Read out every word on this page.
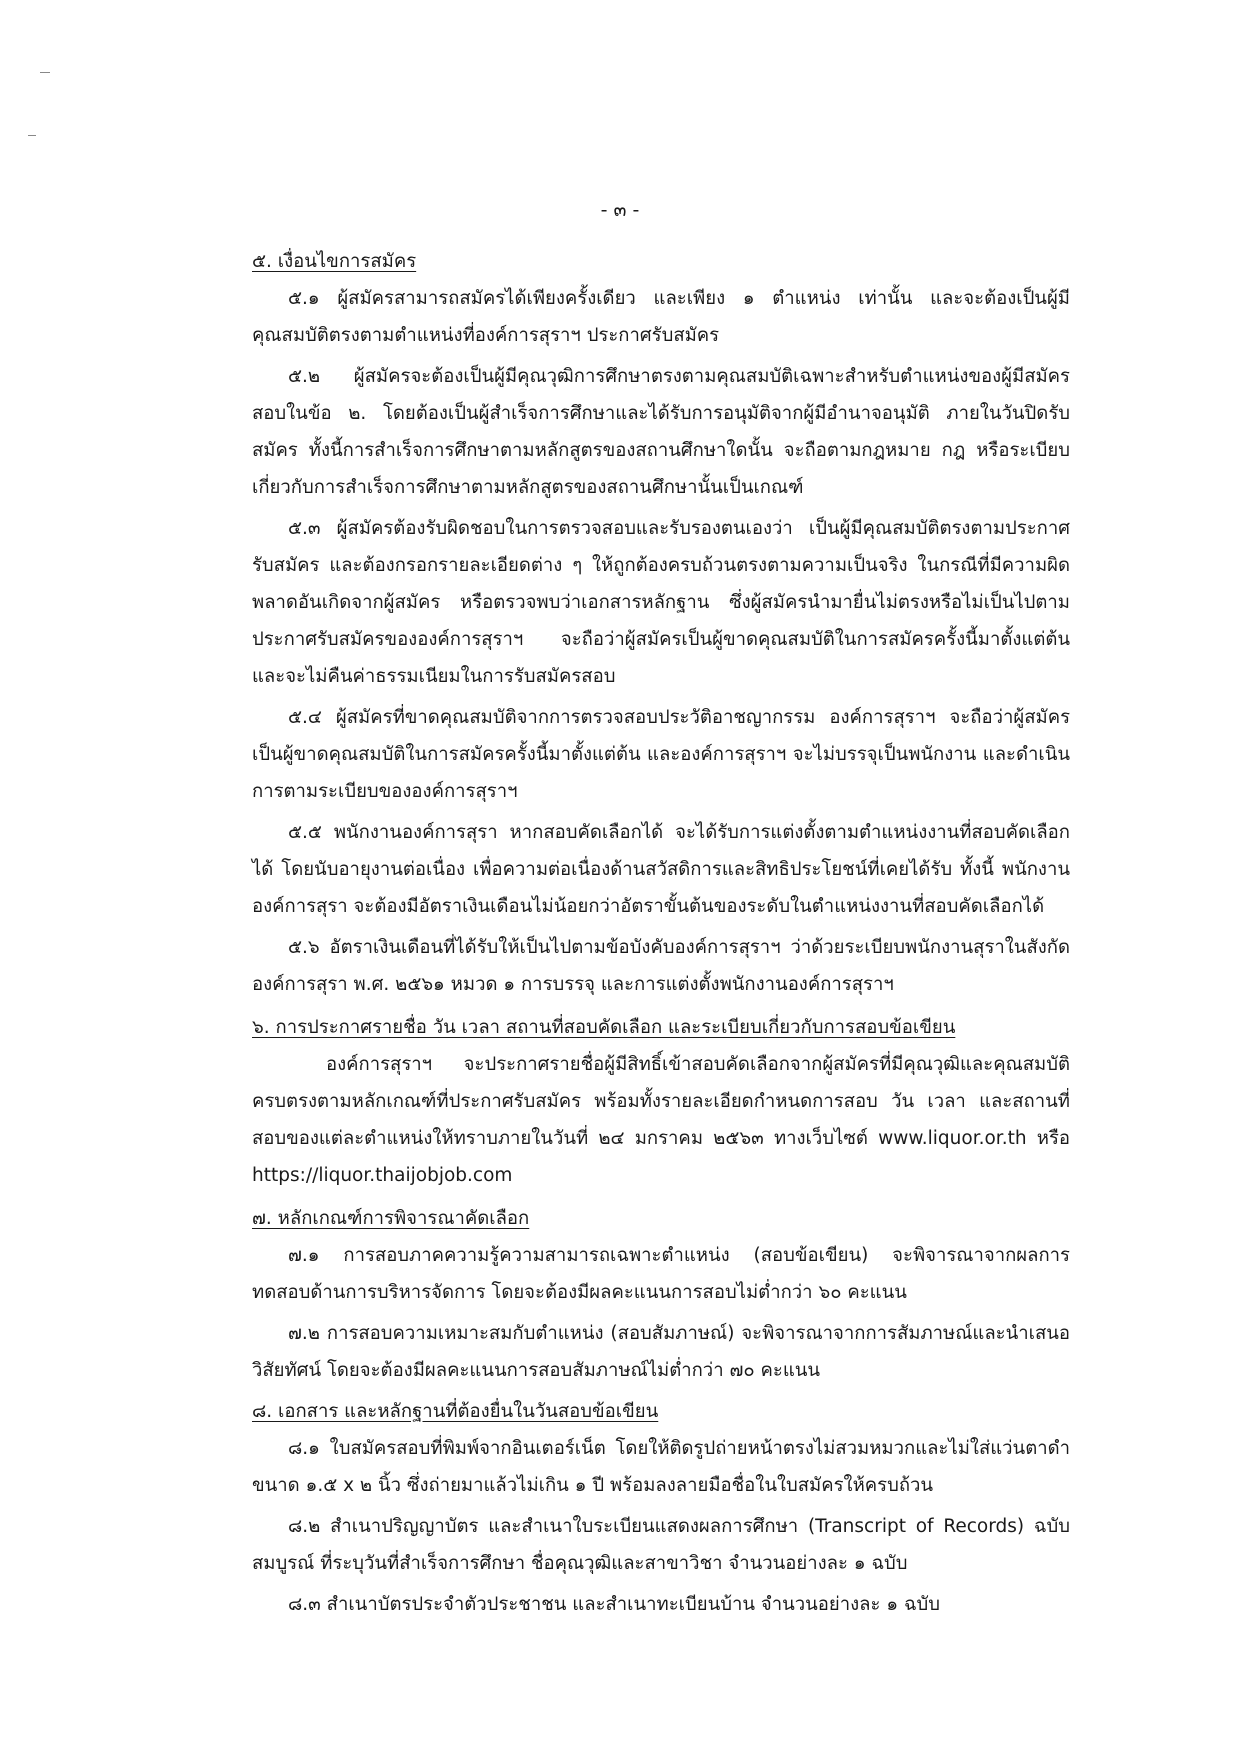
- ๓ -

๕. เงื่อนไขการสมัคร

๕.๑ ผู้สมัครสามารถสมัครได้เพียงครั้งเดียว และเพียง ๑ ตำแหน่ง เท่านั้น และจะต้องเป็นผู้มีคุณสมบัติตรงตามตำแหน่งที่องค์การสุราฯ ประกาศรับสมัคร

๕.๒ ผู้สมัครจะต้องเป็นผู้มีคุณวุฒิการศึกษาตรงตามคุณสมบัติเฉพาะสำหรับตำแหน่งของผู้มีสมัครสอบในข้อ ๒. โดยต้องเป็นผู้สำเร็จการศึกษาและได้รับการอนุมัติจากผู้มีอำนาจอนุมัติ ภายในวันปิดรับสมัคร ทั้งนี้การสำเร็จการศึกษาตามหลักสูตรของสถานศึกษาใดนั้น จะถือตามกฎหมาย กฎ หรือระเบียบเกี่ยวกับการสำเร็จการศึกษาตามหลักสูตรของสถานศึกษานั้นเป็นเกณฑ์

๕.๓ ผู้สมัครต้องรับผิดชอบในการตรวจสอบและรับรองตนเองว่า เป็นผู้มีคุณสมบัติตรงตามประกาศรับสมัคร และต้องกรอกรายละเอียดต่าง ๆ ให้ถูกต้องครบถ้วนตรงตามความเป็นจริง ในกรณีที่มีความผิดพลาดอันเกิดจากผู้สมัคร หรือตรวจพบว่าเอกสารหลักฐาน ซึ่งผู้สมัครนำมายื่นไม่ตรงหรือไม่เป็นไปตามประกาศรับสมัครขององค์การสุราฯ จะถือว่าผู้สมัครเป็นผู้ขาดคุณสมบัติในการสมัครครั้งนี้มาตั้งแต่ต้น และจะไม่คืนค่าธรรมเนียมในการรับสมัครสอบ

๕.๔ ผู้สมัครที่ขาดคุณสมบัติจากการตรวจสอบประวัติอาชญากรรม องค์การสุราฯ จะถือว่าผู้สมัครเป็นผู้ขาดคุณสมบัติในการสมัครครั้งนี้มาตั้งแต่ต้น และองค์การสุราฯ จะไม่บรรจุเป็นพนักงาน และดำเนินการตามระเบียบขององค์การสุราฯ

๕.๕ พนักงานองค์การสุรา หากสอบคัดเลือกได้ จะได้รับการแต่งตั้งตามตำแหน่งงานที่สอบคัดเลือกได้ โดยนับอายุงานต่อเนื่อง เพื่อความต่อเนื่องด้านสวัสดิการและสิทธิประโยชน์ที่เคยได้รับ ทั้งนี้ พนักงานองค์การสุรา จะต้องมีอัตราเงินเดือนไม่น้อยกว่าอัตราขั้นต้นของระดับในตำแหน่งงานที่สอบคัดเลือกได้

๕.๖ อัตราเงินเดือนที่ได้รับให้เป็นไปตามข้อบังคับองค์การสุราฯ ว่าด้วยระเบียบพนักงานสุราในสังกัดองค์การสุรา พ.ศ. ๒๕๖๑ หมวด ๑ การบรรจุ และการแต่งตั้งพนักงานองค์การสุราฯ

๖. การประกาศรายชื่อ วัน เวลา สถานที่สอบคัดเลือก และระเบียบเกี่ยวกับการสอบข้อเขียน

องค์การสุราฯ จะประกาศรายชื่อผู้มีสิทธิ์เข้าสอบคัดเลือกจากผู้สมัครที่มีคุณวุฒิและคุณสมบัติครบตรงตามหลักเกณฑ์ที่ประกาศรับสมัคร พร้อมทั้งรายละเอียดกำหนดการสอบ วัน เวลา และสถานที่สอบของแต่ละตำแหน่งให้ทราบภายในวันที่ ๒๔ มกราคม ๒๕๖๓ ทางเว็บไซต์ www.liquor.or.th หรือ https://liquor.thaijobjob.com

๗. หลักเกณฑ์การพิจารณาคัดเลือก

๗.๑ การสอบภาคความรู้ความสามารถเฉพาะตำแหน่ง (สอบข้อเขียน) จะพิจารณาจากผลการทดสอบด้านการบริหารจัดการ โดยจะต้องมีผลคะแนนการสอบไม่ต่ำกว่า ๖๐ คะแนน

๗.๒ การสอบความเหมาะสมกับตำแหน่ง (สอบสัมภาษณ์) จะพิจารณาจากการสัมภาษณ์และนำเสนอวิสัยทัศน์ โดยจะต้องมีผลคะแนนการสอบสัมภาษณ์ไม่ต่ำกว่า ๗๐ คะแนน

๘. เอกสาร และหลักฐานที่ต้องยื่นในวันสอบข้อเขียน

๘.๑ ใบสมัครสอบที่พิมพ์จากอินเตอร์เน็ต โดยให้ติดรูปถ่ายหน้าตรงไม่สวมหมวกและไม่ใส่แว่นตาดำขนาด ๑.๕ x ๒ นิ้ว ซึ่งถ่ายมาแล้วไม่เกิน ๑ ปี พร้อมลงลายมือชื่อในใบสมัครให้ครบถ้วน

๘.๒ สำเนาปริญญาบัตร และสำเนาใบระเบียนแสดงผลการศึกษา (Transcript of Records) ฉบับสมบูรณ์ ที่ระบุวันที่สำเร็จการศึกษา ชื่อคุณวุฒิและสาขาวิชา จำนวนอย่างละ ๑ ฉบับ

๘.๓ สำเนาบัตรประจำตัวประชาชน และสำเนาทะเบียนบ้าน จำนวนอย่างละ ๑ ฉบับ
